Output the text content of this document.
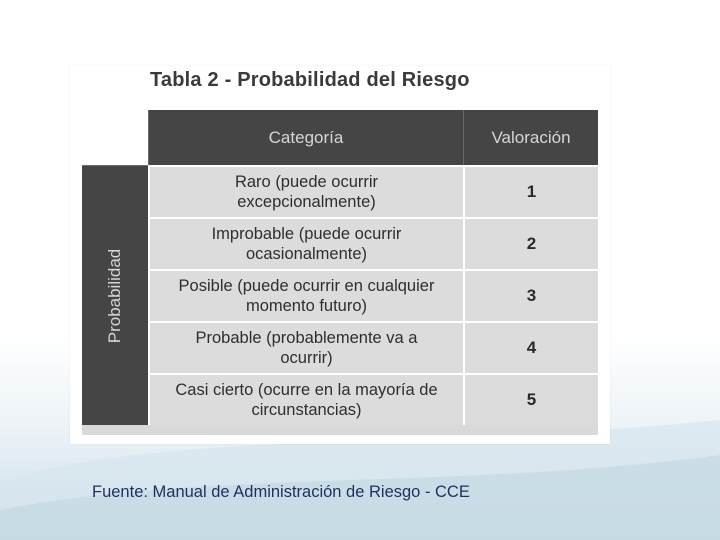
Tabla 2 - Probabilidad del Riesgo
Categoría	Valoración
Probabilidad
Raro (puede ocurrir excepcionalmente)
1
Improbable (puede ocurrir ocasionalmente)
2
Posible (puede ocurrir en cualquier momento futuro)
3
Probable (probablemente va a ocurrir)
4
Casi cierto (ocurre en la mayoría de circunstancias)
5
Fuente: Manual de Administración de Riesgo - CCE
